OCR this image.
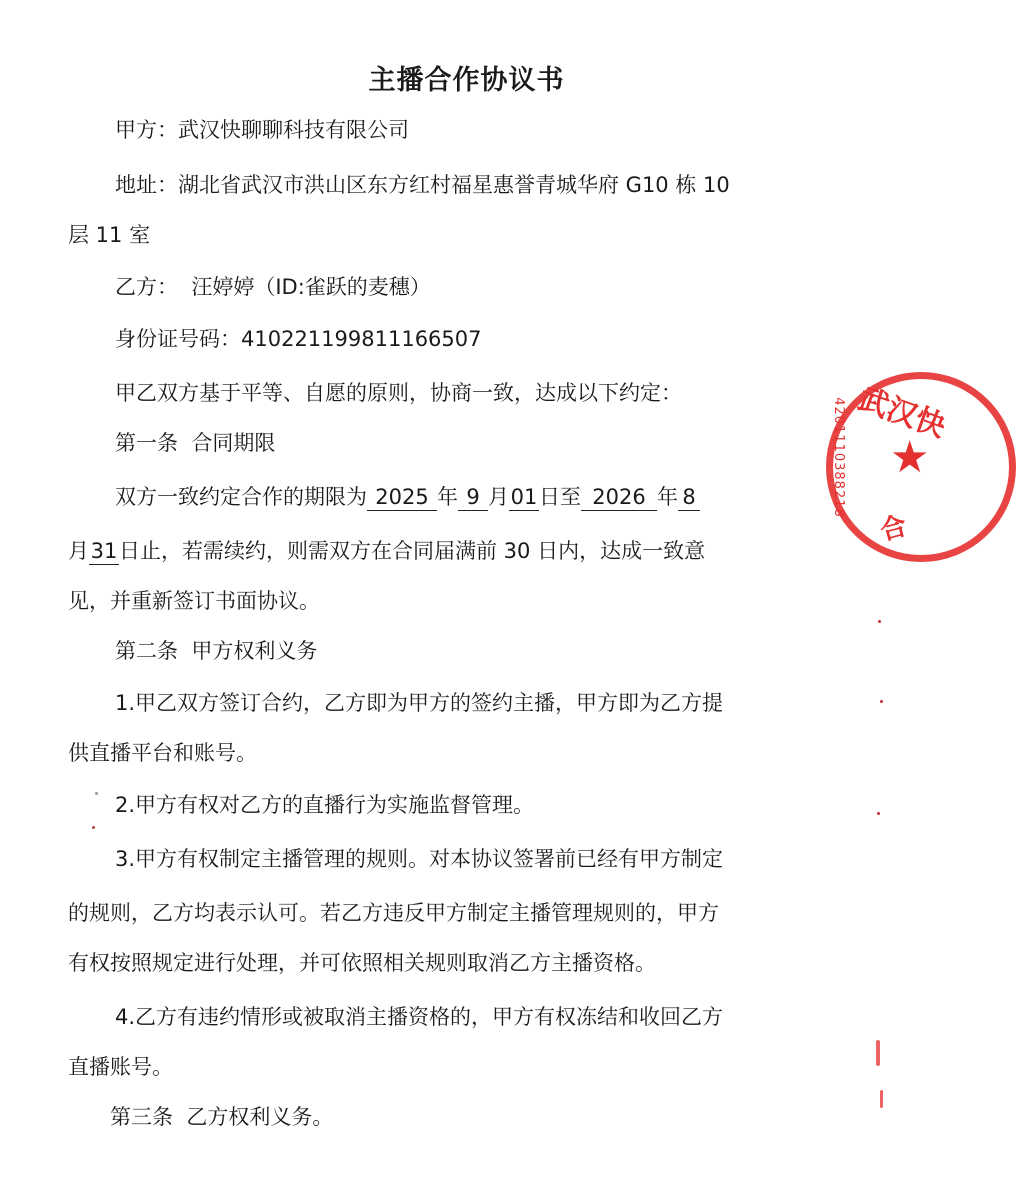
主播合作协议书
甲方：武汉快聊聊科技有限公司
地址：湖北省武汉市洪山区东方红村福星惠誉青城华府 G10 栋 10
层 11 室
乙方：  汪婷婷（ID:雀跃的麦穗）
身份证号码：410221199811166507
甲乙双方基于平等、自愿的原则，协商一致，达成以下约定：
第一条  合同期限
双方一致约定合作的期限为 2025 年 9 月01日至 2026 年 8
月31日止，若需续约，则需双方在合同届满前 30 日内，达成一致意
见，并重新签订书面协议。
第二条  甲方权利义务
1.甲乙双方签订合约，乙方即为甲方的签约主播，甲方即为乙方提
供直播平台和账号。
2.甲方有权对乙方的直播行为实施监督管理。
3.甲方有权制定主播管理的规则。对本协议签署前已经有甲方制定
的规则，乙方均表示认可。若乙方违反甲方制定主播管理规则的，甲方
有权按照规定进行处理，并可依照相关规则取消乙方主播资格。
4.乙方有违约情形或被取消主播资格的，甲方有权冻结和收回乙方
直播账号。
第三条  乙方权利义务。
武汉快
4201110388218 ★
合
